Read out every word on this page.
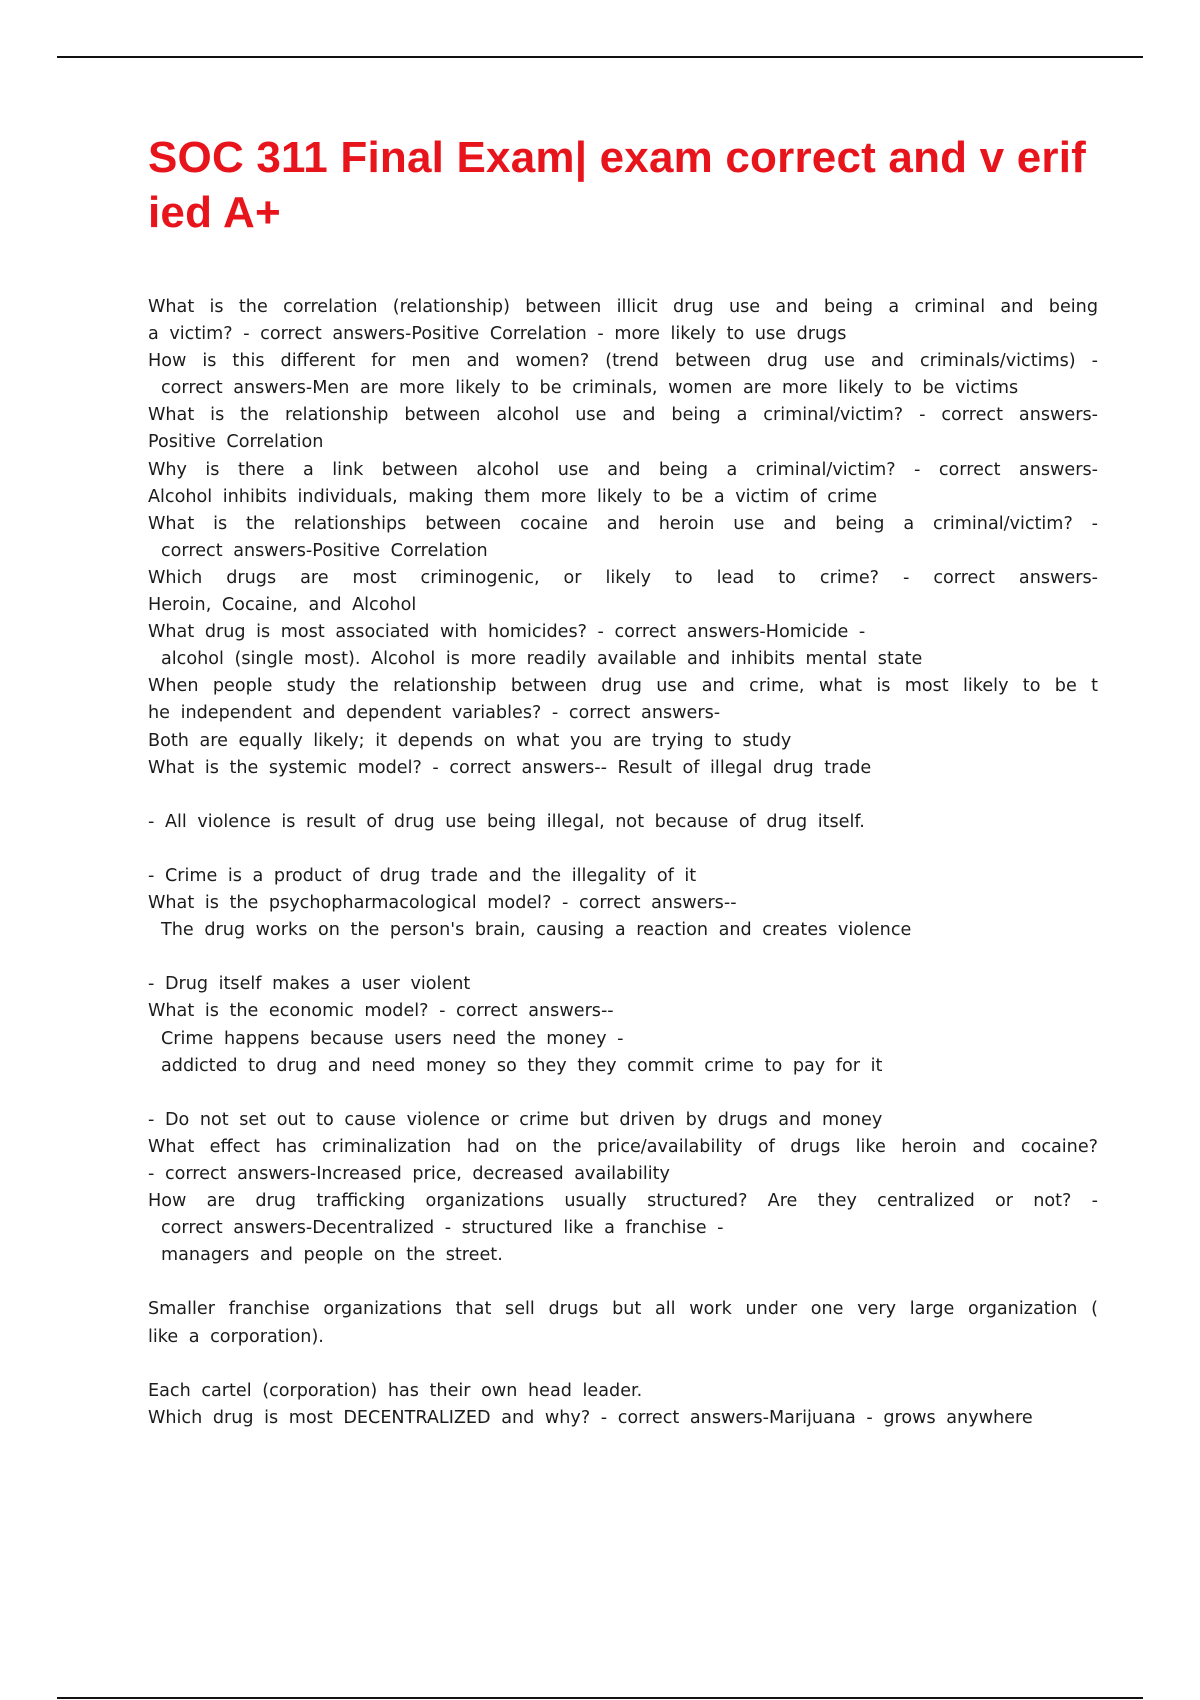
SOC 311 Final Exam| exam correct and v erified A+
What is the correlation (relationship) between illicit drug use and being a criminal and being
a victim? - correct answers-Positive Correlation - more likely to use drugs
How is this different for men and women? (trend between drug use and criminals/victims) -
correct answers-Men are more likely to be criminals, women are more likely to be victims
What is the relationship between alcohol use and being a criminal/victim? - correct answers-
Positive Correlation
Why is there a link between alcohol use and being a criminal/victim? - correct answers-
Alcohol inhibits individuals, making them more likely to be a victim of crime
What is the relationships between cocaine and heroin use and being a criminal/victim? -
correct answers-Positive Correlation
Which drugs are most criminogenic, or likely to lead to crime? - correct answers-
Heroin, Cocaine, and Alcohol
What drug is most associated with homicides? - correct answers-Homicide -
alcohol (single most). Alcohol is more readily available and inhibits mental state
When people study the relationship between drug use and crime, what is most likely to be t
he independent and dependent variables? - correct answers-
Both are equally likely; it depends on what you are trying to study
What is the systemic model? - correct answers-- Result of illegal drug trade
- All violence is result of drug use being illegal, not because of drug itself.
- Crime is a product of drug trade and the illegality of it
What is the psychopharmacological model? - correct answers--
The drug works on the person's brain, causing a reaction and creates violence
- Drug itself makes a user violent
What is the economic model? - correct answers--
Crime happens because users need the money -
addicted to drug and need money so they they commit crime to pay for it
- Do not set out to cause violence or crime but driven by drugs and money
What effect has criminalization had on the price/availability of drugs like heroin and cocaine?
- correct answers-Increased price, decreased availability
How are drug trafficking organizations usually structured? Are they centralized or not? -
correct answers-Decentralized - structured like a franchise -
managers and people on the street.
Smaller franchise organizations that sell drugs but all work under one very large organization (
like a corporation).
Each cartel (corporation) has their own head leader.
Which drug is most DECENTRALIZED and why? - correct answers-Marijuana - grows anywhere
